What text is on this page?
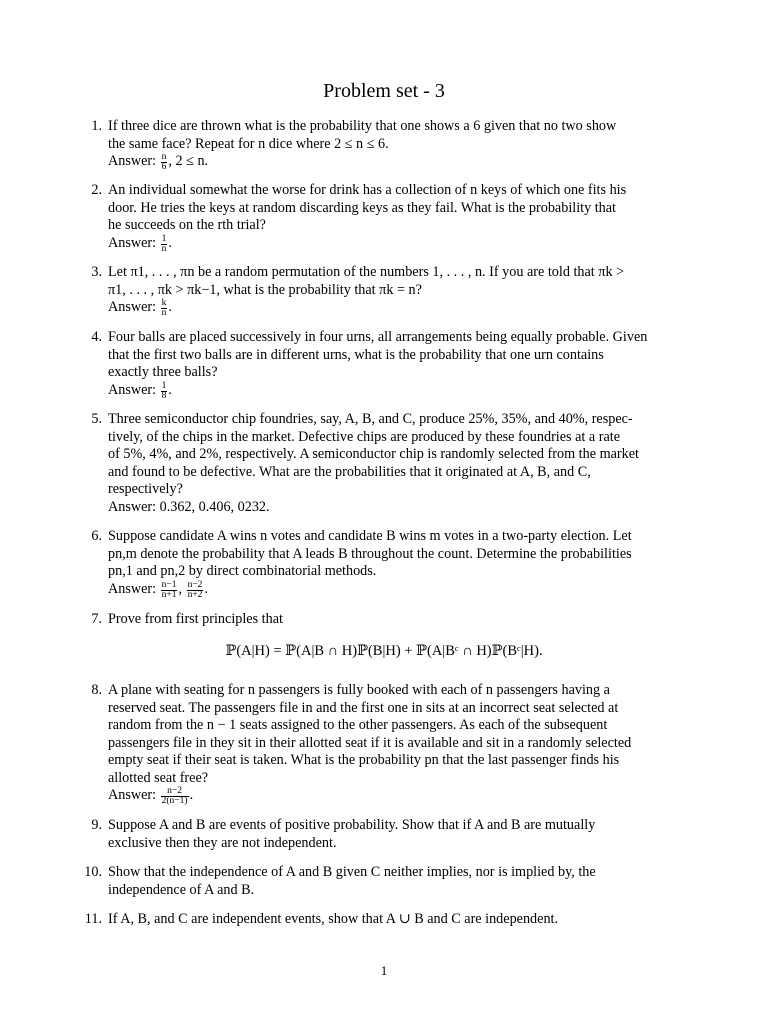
Problem set - 3
1. If three dice are thrown what is the probability that one shows a 6 given that no two show
the same face? Repeat for n dice where 2 ≤ n ≤ 6.
Answer: $\frac{n}{6}$ , 2 ≤ n.
2. An individual somewhat the worse for drink has a collection of n keys of which one fits his
door. He tries the keys at random discarding keys as they fail. What is the probability that
he succeeds on the rth trial?
Answer: $\frac{1}{n}$ .
3. Let π1, . . . , πn be a random permutation of the numbers 1, . . . , n. If you are told that πk >
π1, . . . , πk > πk−1, what is the probability that πk = n?
Answer: $\frac{k}{n}$ .
4. Four balls are placed successively in four urns, all arrangements being equally probable. Given
that the first two balls are in different urns, what is the probability that one urn contains
exactly three balls?
Answer: $\frac{1}{8}$ .
5. Three semiconductor chip foundries, say, A, B, and C, produce 25%, 35%, and 40%, respec-
tively, of the chips in the market. Defective chips are produced by these foundries at a rate
of 5%, 4%, and 2%, respectively. A semiconductor chip is randomly selected from the market
and found to be defective. What are the probabilities that it originated at A, B, and C,
respectively?
Answer: 0.362, 0.406, 0232.
6. Suppose candidate A wins n votes and candidate B wins m votes in a two-party election. Let
pn,m denote the probability that A leads B throughout the count. Determine the probabilities
pn,1 and pn,2 by direct combinatorial methods.
Answer: $\frac{n-1}{n+1}$ , $\frac{n-2}{n+2}$ .
7. Prove from first principles that
ℙ(A|H) = ℙ(A|B ∩ H)ℙ(B|H) + ℙ(A|Bᶜ ∩ H)ℙ(Bᶜ|H).
8. A plane with seating for n passengers is fully booked with each of n passengers having a
reserved seat. The passengers file in and the first one in sits at an incorrect seat selected at
random from the n − 1 seats assigned to the other passengers. As each of the subsequent
passengers file in they sit in their allotted seat if it is available and sit in a randomly selected
empty seat if their seat is taken. What is the probability pn that the last passenger finds his
allotted seat free?
Answer: $\frac{n-2}{2(n-1)}$ .
9. Suppose A and B are events of positive probability. Show that if A and B are mutually
exclusive then they are not independent.
10. Show that the independence of A and B given C neither implies, nor is implied by, the
independence of A and B.
11. If A, B, and C are independent events, show that A ∪ B and C are independent.
1
